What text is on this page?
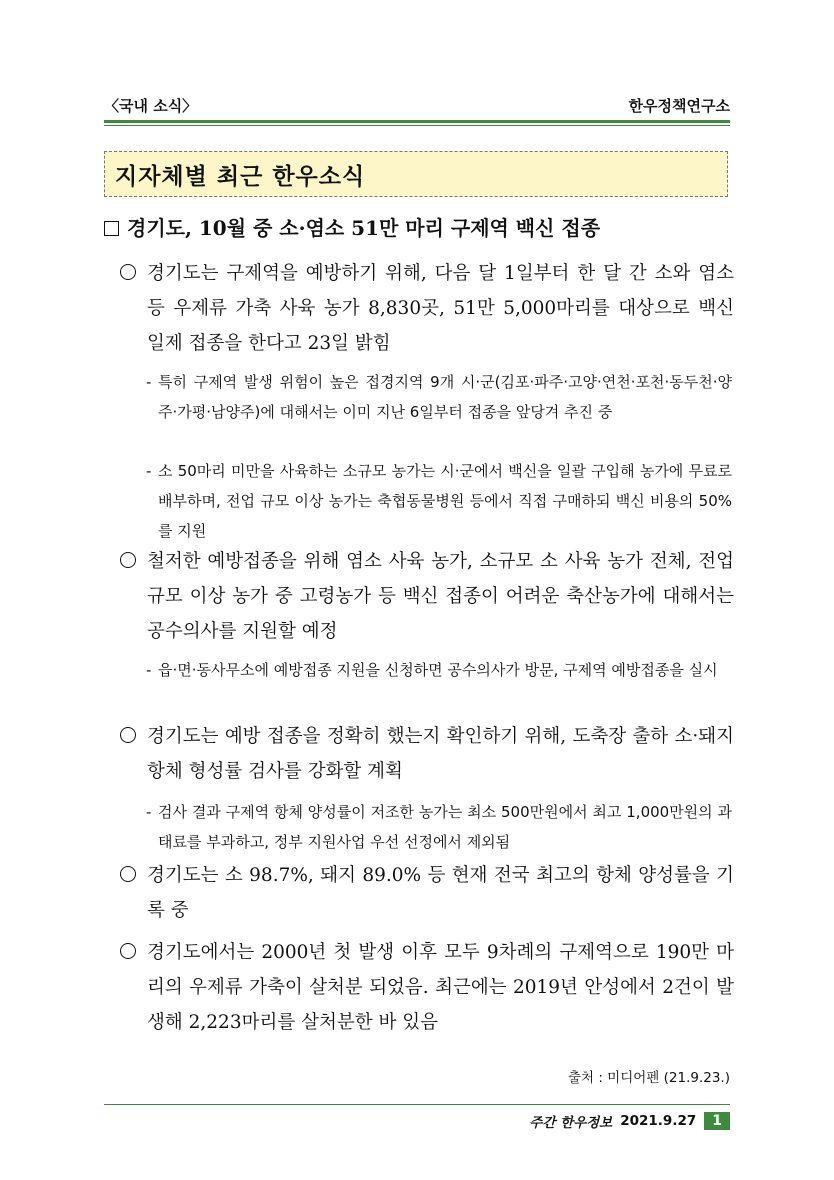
〈국내 소식〉	한우정책연구소
지자체별 최근 한우소식
경기도, 10월 중 소·염소 51만 마리 구제역 백신 접종
경기도는 구제역을 예방하기 위해, 다음 달 1일부터 한 달 간 소와 염소 등 우제류 가축 사육 농가 8,830곳, 51만 5,000마리를 대상으로 백신 일제 접종을 한다고 23일 밝힘
- 특히 구제역 발생 위험이 높은 접경지역 9개 시·군(김포·파주·고양·연천·포천·동두천·양주·가평·남양주)에 대해서는 이미 지난 6일부터 접종을 앞당겨 추진 중
- 소 50마리 미만을 사육하는 소규모 농가는 시·군에서 백신을 일괄 구입해 농가에 무료로 배부하며, 전업 규모 이상 농가는 축협동물병원 등에서 직접 구매하되 백신 비용의 50%를 지원
철저한 예방접종을 위해 염소 사육 농가, 소규모 소 사육 농가 전체, 전업 규모 이상 농가 중 고령농가 등 백신 접종이 어려운 축산농가에 대해서는 공수의사를 지원할 예정
- 읍·면·동사무소에 예방접종 지원을 신청하면 공수의사가 방문, 구제역 예방접종을 실시
경기도는 예방 접종을 정확히 했는지 확인하기 위해, 도축장 출하 소·돼지 항체 형성률 검사를 강화할 계획
- 검사 결과 구제역 항체 양성률이 저조한 농가는 최소 500만원에서 최고 1,000만원의 과태료를 부과하고, 정부 지원사업 우선 선정에서 제외됨
경기도는 소 98.7%, 돼지 89.0% 등 현재 전국 최고의 항체 양성률을 기록 중
경기도에서는 2000년 첫 발생 이후 모두 9차례의 구제역으로 190만 마리의 우제류 가축이 살처분 되었음. 최근에는 2019년 안성에서 2건이 발생해 2,223마리를 살처분한 바 있음
출처 : 미디어펜 (21.9.23.)
주간 한우정보 2021.9.27	1
